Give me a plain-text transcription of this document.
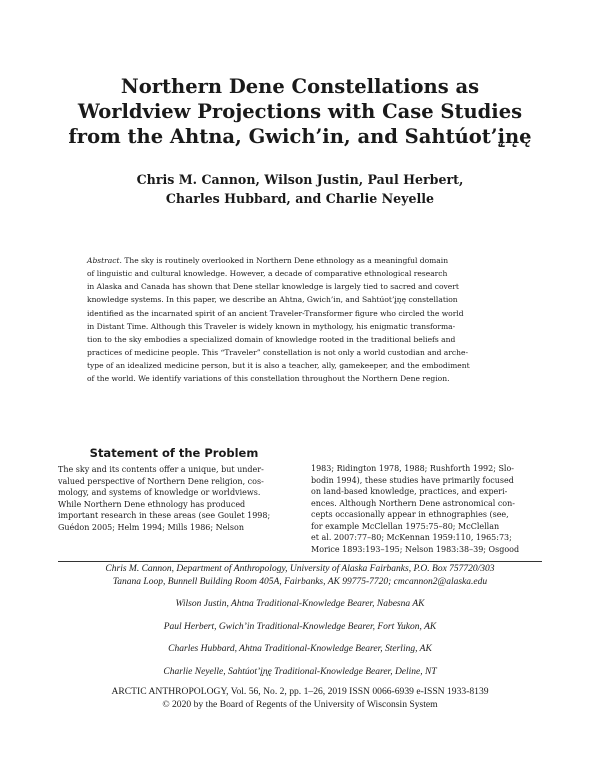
Northern Dene Constellations as
Worldview Projections with Case Studies
from the Ahtna, Gwich’in, and Sahtúot’į̨n̨ę
Chris M. Cannon, Wilson Justin, Paul Herbert,
Charles Hubbard, and Charlie Neyelle
Abstract. The sky is routinely overlooked in Northern Dene ethnology as a meaningful domain
of linguistic and cultural knowledge. However, a decade of comparative ethnological research
in Alaska and Canada has shown that Dene stellar knowledge is largely tied to sacred and covert
knowledge systems. In this paper, we describe an Ahtna, Gwich’in, and Sahtúot’į̨n̨ę constellation
identified as the incarnated spirit of an ancient Traveler-Transformer figure who circled the world
in Distant Time. Although this Traveler is widely known in mythology, his enigmatic transforma-
tion to the sky embodies a specialized domain of knowledge rooted in the traditional beliefs and
practices of medicine people. This “Traveler” constellation is not only a world custodian and arche-
type of an idealized medicine person, but it is also a teacher, ally, gamekeeper, and the embodiment
of the world. We identify variations of this constellation throughout the Northern Dene region.
Statement of the Problem
The sky and its contents offer a unique, but under-
valued perspective of Northern Dene religion, cos-
mology, and systems of knowledge or worldviews.
While Northern Dene ethnology has produced
important research in these areas (see Goulet 1998;
Guédon 2005; Helm 1994; Mills 1986; Nelson
1983; Ridington 1978, 1988; Rushforth 1992; Slo-
bodin 1994), these studies have primarily focused
on land-based knowledge, practices, and experi-
ences. Although Northern Dene astronomical con-
cepts occasionally appear in ethnographies (see,
for example McClellan 1975:75–80; McClellan
et al. 2007:77–80; McKennan 1959:110, 1965:73;
Morice 1893:193–195; Nelson 1983:38–39; Osgood
Chris M. Cannon, Department of Anthropology, University of Alaska Fairbanks, P.O. Box 757720/303
Tanana Loop, Bunnell Building Room 405A, Fairbanks, AK 99775-7720; cmcannon2@alaska.edu
Wilson Justin, Ahtna Traditional-Knowledge Bearer, Nabesna AK
Paul Herbert, Gwich’in Traditional-Knowledge Bearer, Fort Yukon, AK
Charles Hubbard, Ahtna Traditional-Knowledge Bearer, Sterling, AK
Charlie Neyelle, Sahtúot’į̨n̨ę Traditional-Knowledge Bearer, Deline, NT
ARCTIC ANTHROPOLOGY, Vol. 56, No. 2, pp. 1–26, 2019 ISSN 0066-6939 e-ISSN 1933-8139
© 2020 by the Board of Regents of the University of Wisconsin System
